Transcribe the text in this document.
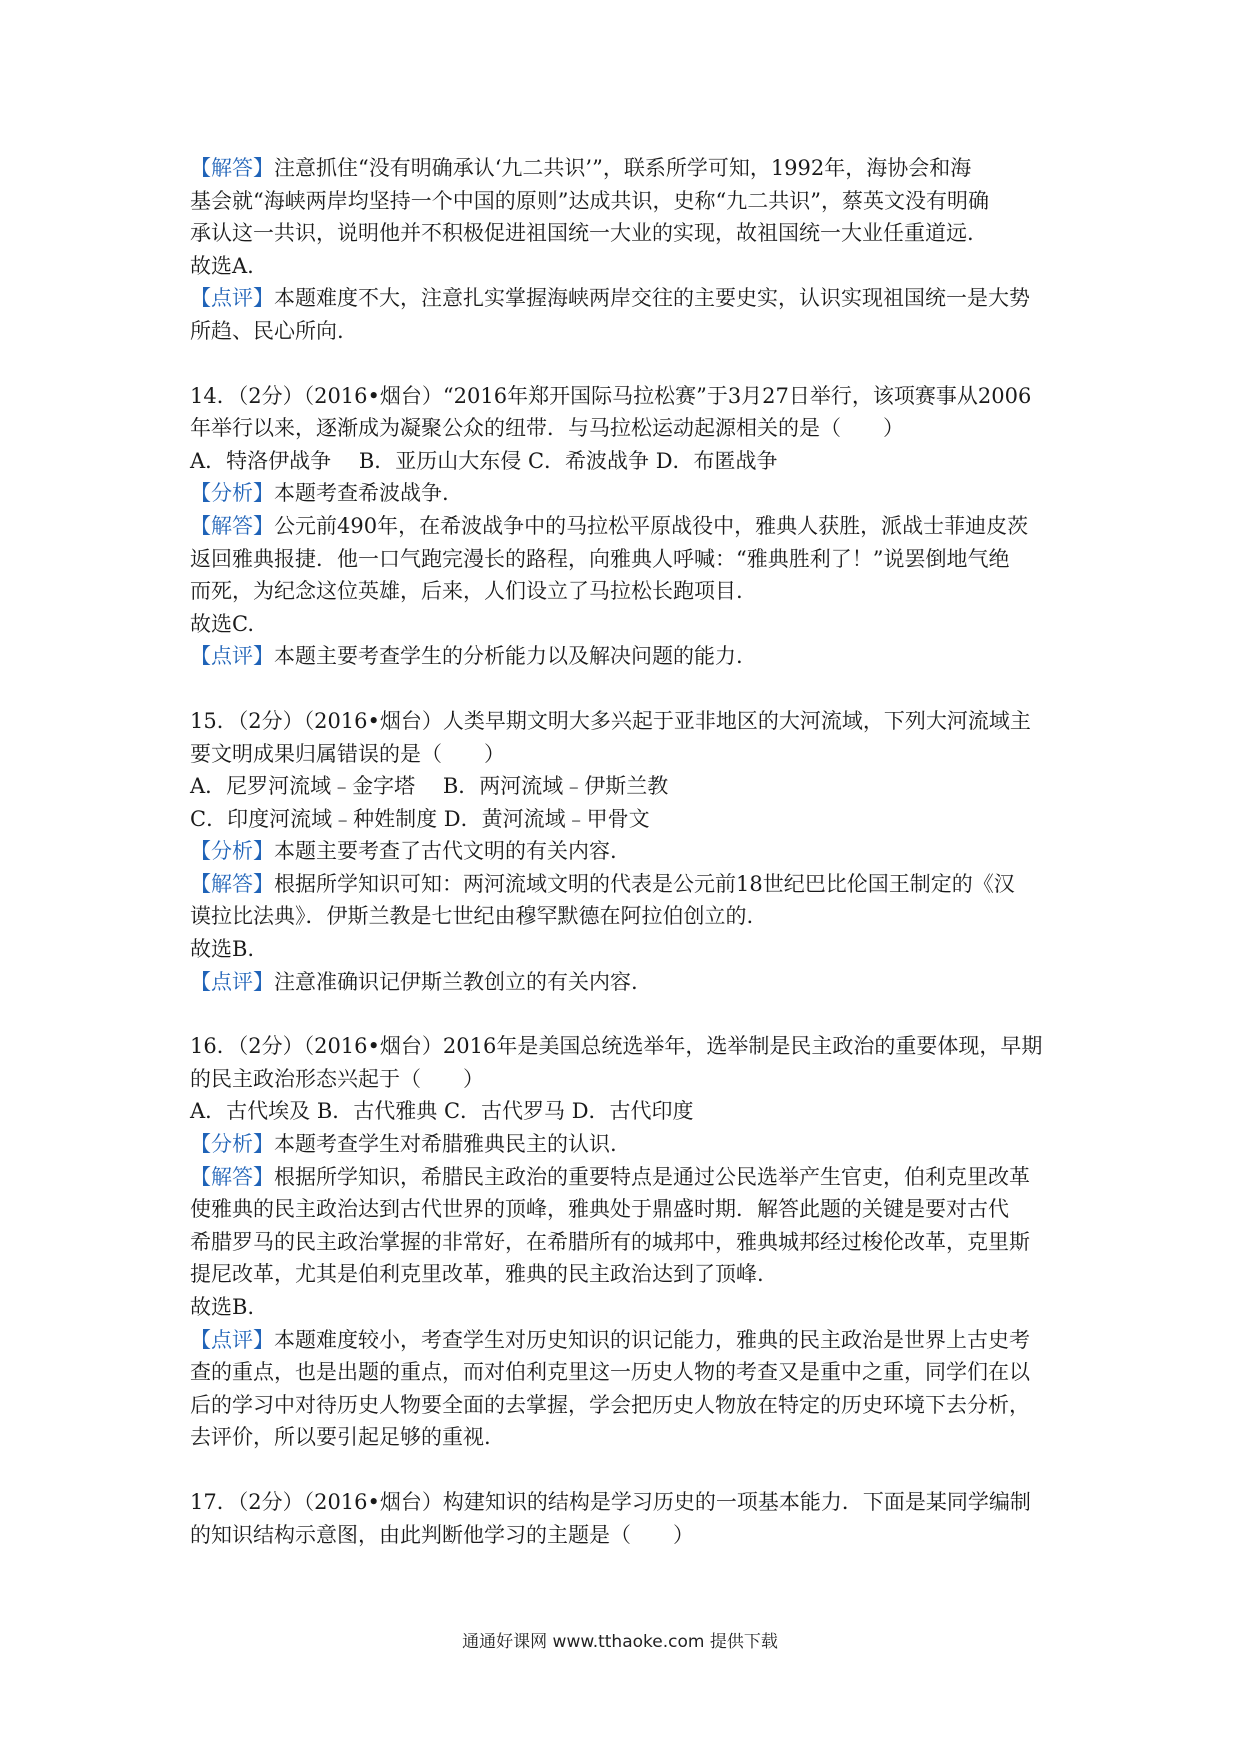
【解答】注意抓住“没有明确承认‘九二共识’”，联系所学可知，1992年，海协会和海
基会就“海峡两岸均坚持一个中国的原则”达成共识，史称“九二共识”，蔡英文没有明确
承认这一共识，说明他并不积极促进祖国统一大业的实现，故祖国统一大业任重道远.
故选A.
【点评】本题难度不大，注意扎实掌握海峡两岸交往的主要史实，认识实现祖国统一是大势
所趋、民心所向.
14．（2分）（2016•烟台）“2016年郑开国际马拉松赛”于3月27日举行，该项赛事从2006
年举行以来，逐渐成为凝聚公众的纽带．与马拉松运动起源相关的是（　　）
A．特洛伊战争　 B．亚历山大东侵 C．希波战争 D．布匿战争
【分析】本题考查希波战争.
【解答】公元前490年，在希波战争中的马拉松平原战役中，雅典人获胜，派战士菲迪皮茨
返回雅典报捷．他一口气跑完漫长的路程，向雅典人呼喊：“雅典胜利了！”说罢倒地气绝
而死，为纪念这位英雄，后来，人们设立了马拉松长跑项目.
故选C.
【点评】本题主要考查学生的分析能力以及解决问题的能力.
15．（2分）（2016•烟台）人类早期文明大多兴起于亚非地区的大河流域，下列大河流域主
要文明成果归属错误的是（　　）
A．尼罗河流域﹣金字塔　 B．两河流域﹣伊斯兰教
C．印度河流域﹣种姓制度 D．黄河流域﹣甲骨文
【分析】本题主要考查了古代文明的有关内容.
【解答】根据所学知识可知：两河流域文明的代表是公元前18世纪巴比伦国王制定的《汉
谟拉比法典》．伊斯兰教是七世纪由穆罕默德在阿拉伯创立的.
故选B.
【点评】注意准确识记伊斯兰教创立的有关内容.
16．（2分）（2016•烟台）2016年是美国总统选举年，选举制是民主政治的重要体现，早期
的民主政治形态兴起于（　　）
A．古代埃及 B．古代雅典 C．古代罗马 D．古代印度
【分析】本题考查学生对希腊雅典民主的认识.
【解答】根据所学知识，希腊民主政治的重要特点是通过公民选举产生官吏，伯利克里改革
使雅典的民主政治达到古代世界的顶峰，雅典处于鼎盛时期．解答此题的关键是要对古代
希腊罗马的民主政治掌握的非常好，在希腊所有的城邦中，雅典城邦经过梭伦改革，克里斯
提尼改革，尤其是伯利克里改革，雅典的民主政治达到了顶峰.
故选B.
【点评】本题难度较小，考查学生对历史知识的识记能力，雅典的民主政治是世界上古史考
查的重点，也是出题的重点，而对伯利克里这一历史人物的考查又是重中之重，同学们在以
后的学习中对待历史人物要全面的去掌握，学会把历史人物放在特定的历史环境下去分析，
去评价，所以要引起足够的重视.
17．（2分）（2016•烟台）构建知识的结构是学习历史的一项基本能力．下面是某同学编制
的知识结构示意图，由此判断他学习的主题是（　　）
通通好课网 www.tthaoke.com 提供下载
